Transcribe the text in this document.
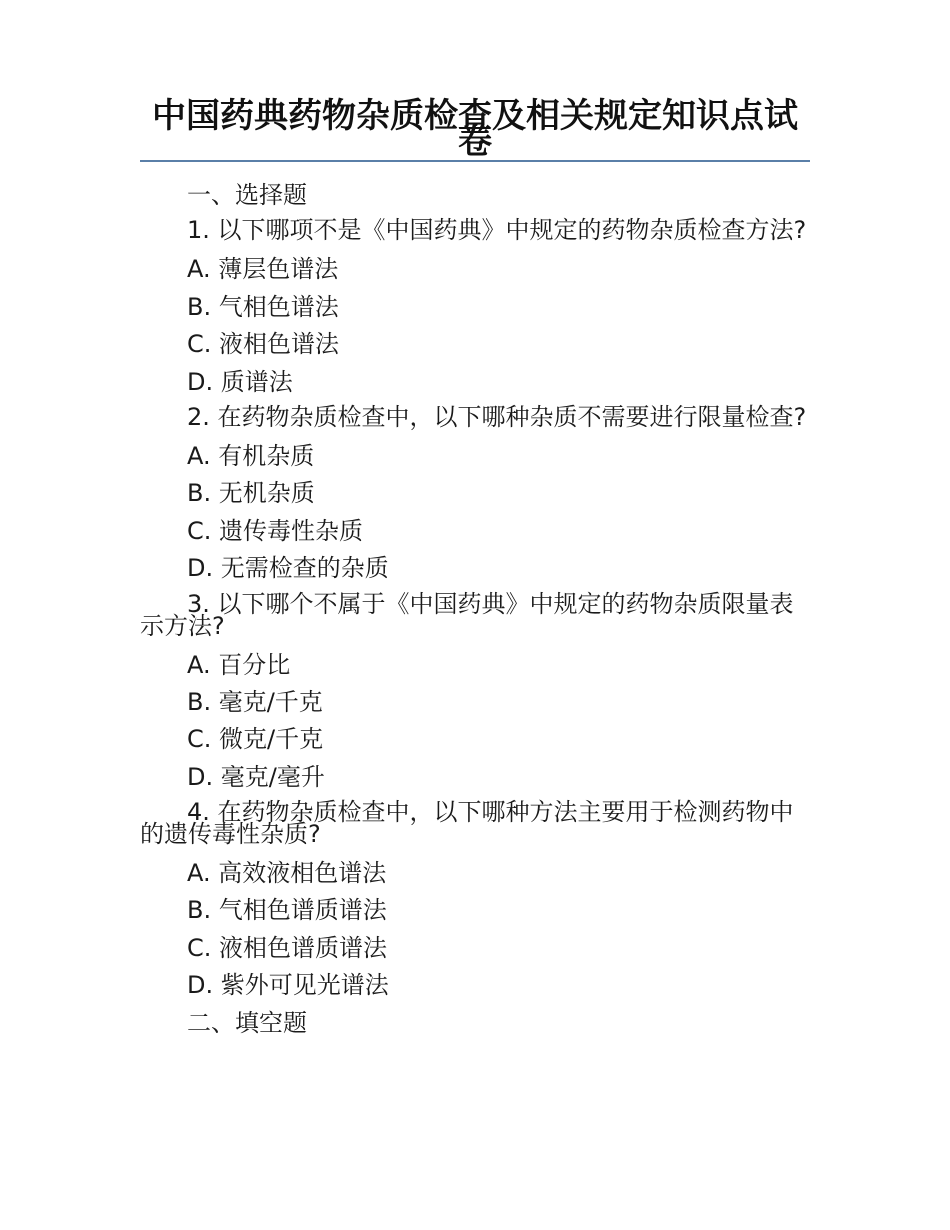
中国药典药物杂质检查及相关规定知识点试卷
一、选择题
1. 以下哪项不是《中国药典》中规定的药物杂质检查方法?
A. 薄层色谱法
B. 气相色谱法
C. 液相色谱法
D. 质谱法
2. 在药物杂质检查中，以下哪种杂质不需要进行限量检查?
A. 有机杂质
B. 无机杂质
C. 遗传毒性杂质
D. 无需检查的杂质
3. 以下哪个不属于《中国药典》中规定的药物杂质限量表示方法?
A. 百分比
B. 毫克/千克
C. 微克/千克
D. 毫克/毫升
4. 在药物杂质检查中，以下哪种方法主要用于检测药物中的遗传毒性杂质?
A. 高效液相色谱法
B. 气相色谱质谱法
C. 液相色谱质谱法
D. 紫外可见光谱法
二、填空题
